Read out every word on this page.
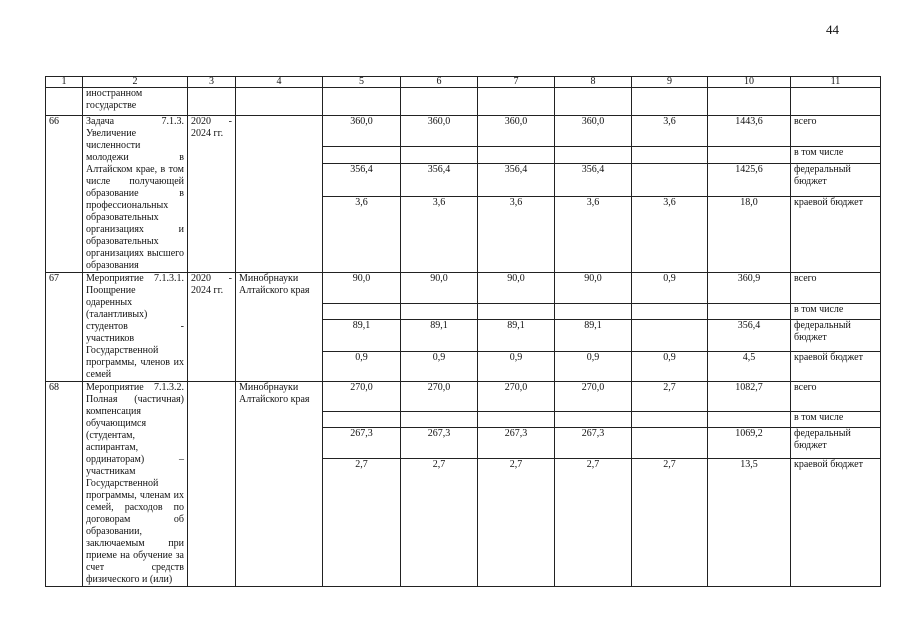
44
1	2	3	4	5	6	7	8	9	10	11
	иностранном государстве									
66	Задача 7.1.3. Увеличение численности молодежи в Алтайском крае, в том числе получающей образование в профессиональных образовательных организациях и образовательных организациях высшего образования	2020 - 2024 гг.		360,0	360,0	360,0	360,0	3,6	1443,6	всего
										в том числе
				356,4	356,4	356,4	356,4		1425,6	федеральный бюджет
				3,6	3,6	3,6	3,6	3,6	18,0	краевой бюджет
67	Мероприятие 7.1.3.1. Поощрение одаренных (талантливых) студентов - участников Государственной программы, членов их семей	2020 - 2024 гг.	Минобрнауки Алтайского края	90,0	90,0	90,0	90,0	0,9	360,9	всего
										в том числе
				89,1	89,1	89,1	89,1		356,4	федеральный бюджет
				0,9	0,9	0,9	0,9	0,9	4,5	краевой бюджет
68	Мероприятие 7.1.3.2. Полная (частичная) компенсация обучающимся (студентам, аспирантам, ординаторам) – участникам Государственной программы, членам их семей, расходов по договорам об образовании, заключаемым при приеме на обучение за счет средств физического и (или)		Минобрнауки Алтайского края	270,0	270,0	270,0	270,0	2,7	1082,7	всего
										в том числе
				267,3	267,3	267,3	267,3		1069,2	федеральный бюджет
				2,7	2,7	2,7	2,7	2,7	13,5	краевой бюджет
